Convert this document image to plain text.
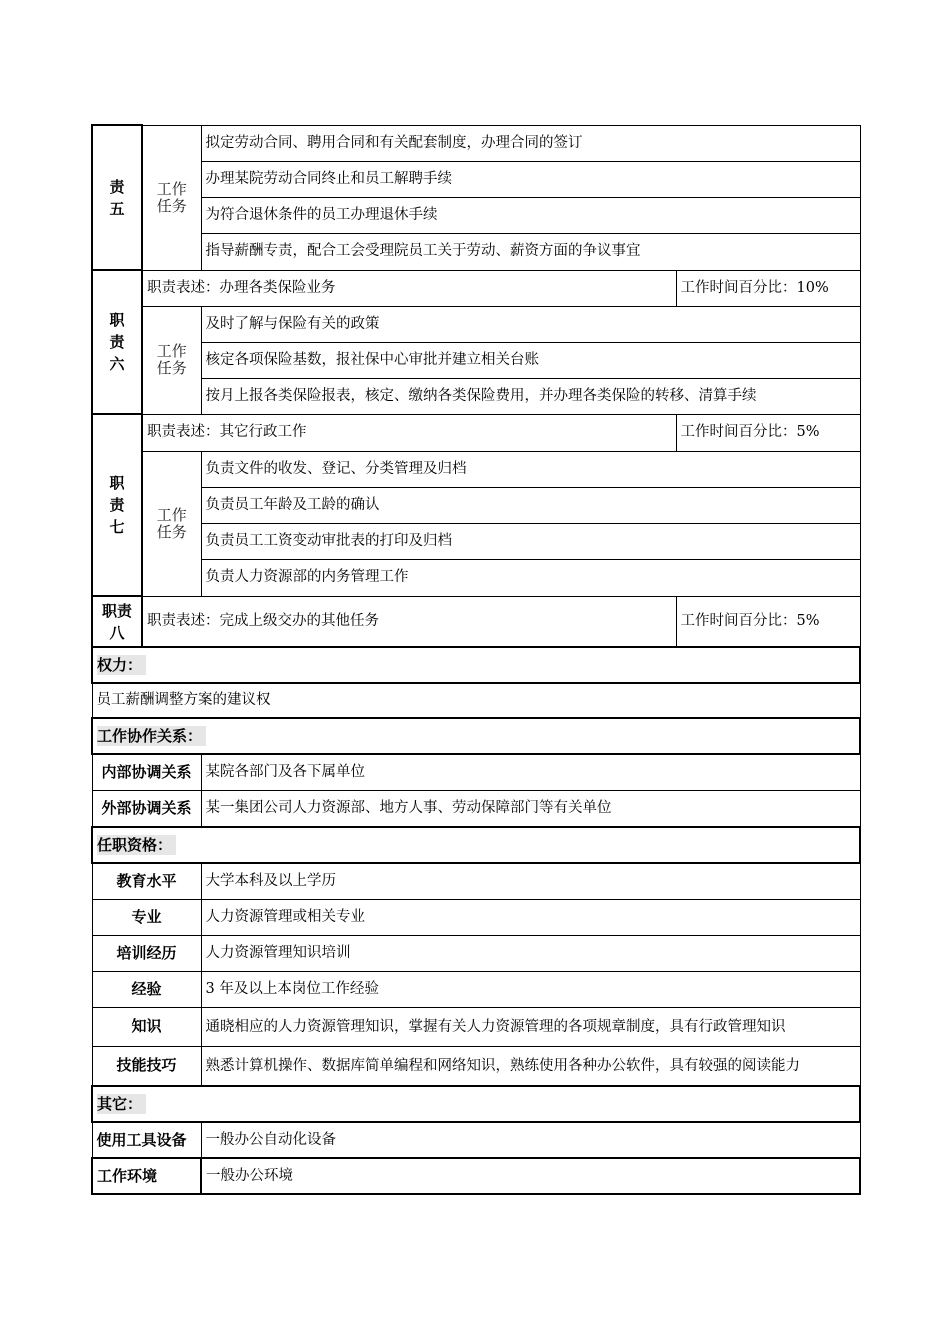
责
五	工作
任务	拟定劳动合同、聘用合同和有关配套制度，办理合同的签订	
		办理某院劳动合同终止和员工解聘手续	
		为符合退休条件的员工办理退休手续	
		指导薪酬专责，配合工会受理院员工关于劳动、薪资方面的争议事宜	
职
责
六	职责表述：办理各类保险业务		工作时间百分比：10%
	工作
任务	及时了解与保险有关的政策	
		核定各项保险基数，报社保中心审批并建立相关台账	
		按月上报各类保险报表，核定、缴纳各类保险费用，并办理各类保险的转移、清算手续	
职
责
七	职责表述：其它行政工作		工作时间百分比：5%
	工作
任务	负责文件的收发、登记、分类管理及归档	
		负责员工年龄及工龄的确认	
		负责员工工资变动审批表的打印及归档	
		负责人力资源部的内务管理工作	
职责
八	职责表述：完成上级交办的其他任务		工作时间百分比：5%
权力：			
员工薪酬调整方案的建议权			
工作协作关系：			
内部协调关系		某院各部门及各下属单位	
外部协调关系		某一集团公司人力资源部、地方人事、劳动保障部门等有关单位	
任职资格：			
教育水平		大学本科及以上学历	
专业		人力资源管理或相关专业	
培训经历		人力资源管理知识培训	
经验		3 年及以上本岗位工作经验	
知识		通晓相应的人力资源管理知识，掌握有关人力资源管理的各项规章制度，具有行政管理知识	
技能技巧		熟悉计算机操作、数据库简单编程和网络知识，熟练使用各种办公软件，具有较强的阅读能力	
其它：			
使用工具设备		一般办公自动化设备	
工作环境		一般办公环境	
